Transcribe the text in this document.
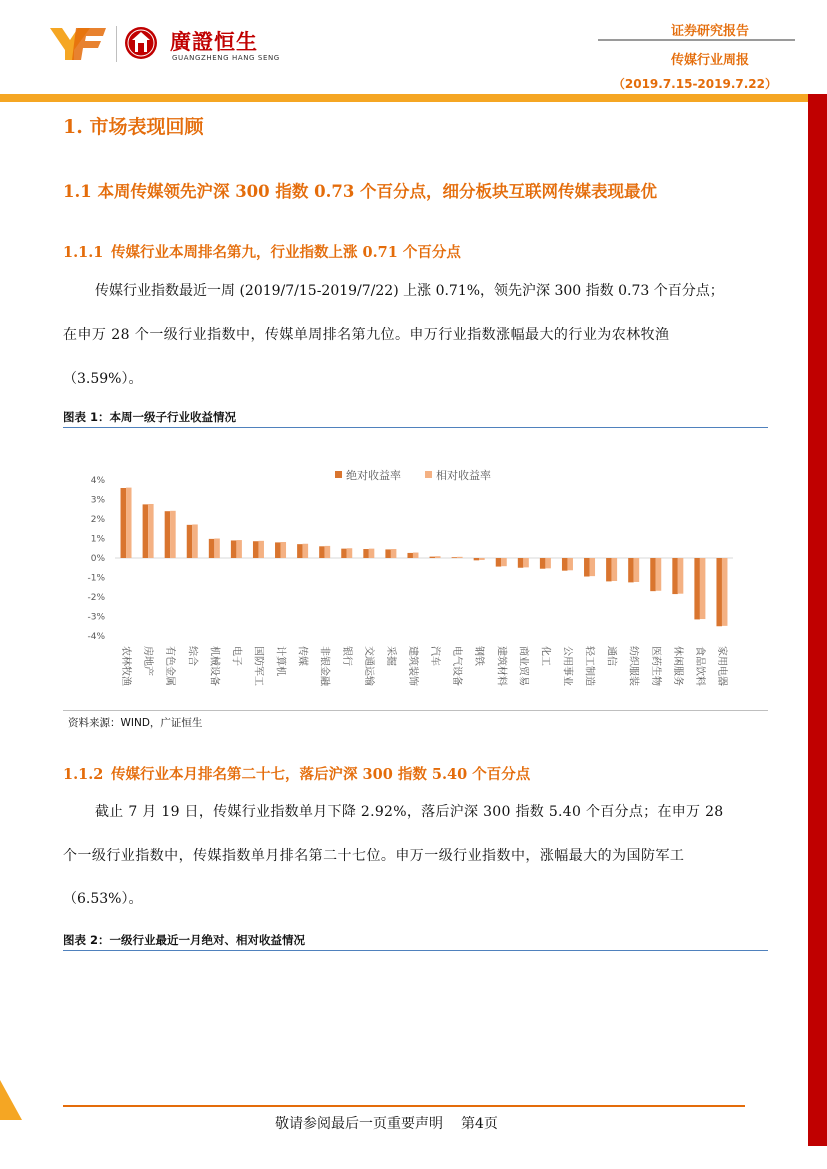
廣證恒生
GUANGZHENG HANG SENG
证券研究报告
传媒行业周报
（2019.7.15-2019.7.22）
1. 市场表现回顾
1.1 本周传媒领先沪深 300 指数 0.73 个百分点，细分板块互联网传媒表现最优
1.1.1 传媒行业本周排名第九，行业指数上涨 0.71 个百分点
传媒行业指数最近一周 (2019/7/15-2019/7/22) 上涨 0.71%，领先沪深 300 指数 0.73 个百分点；
在申万 28 个一级行业指数中，传媒单周排名第九位。申万行业指数涨幅最大的行业为农林牧渔
（3.59%）。
图表 1：本周一级子行业收益情况
4%
3%
2%
1%
0%
-1%
-2%
-3%
-4%
农林牧渔 房地产 有色金属 综合 机械设备 电子 国防军工 计算机 传媒 非银金融 银行 交通运输 采掘 建筑装饰 汽车 电气设备 钢铁 建筑材料 商业贸易 化工 公用事业 轻工制造 通信 纺织服装 医药生物 休闲服务 食品饮料 家用电器
绝对收益率	相对收益率
资料来源：WIND，广证恒生
1.1.2 传媒行业本月排名第二十七，落后沪深 300 指数 5.40 个百分点
截止 7 月 19 日，传媒行业指数单月下降 2.92%，落后沪深 300 指数 5.40 个百分点；在申万 28
个一级行业指数中，传媒指数单月排名第二十七位。申万一级行业指数中，涨幅最大的为国防军工
（6.53%）。
图表 2：一级行业最近一月绝对、相对收益情况
敬请参阅最后一页重要声明 第4页
